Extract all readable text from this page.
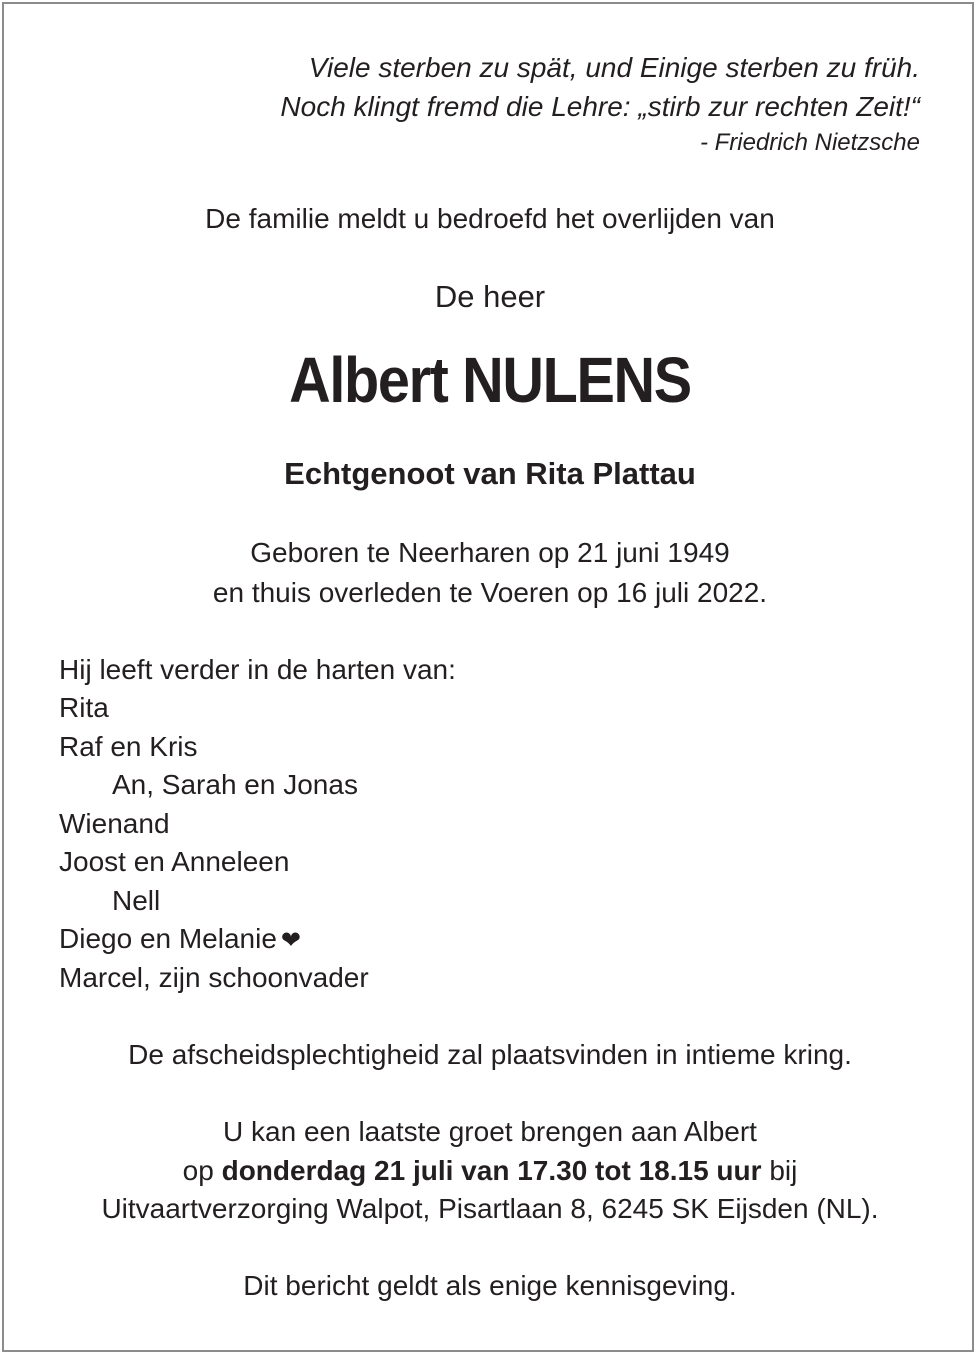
Viele sterben zu spät, und Einige sterben zu früh.
Noch klingt fremd die Lehre: „stirb zur rechten Zeit!“
- Friedrich Nietzsche
De familie meldt u bedroefd het overlijden van
De heer
Albert NULENS
Echtgenoot van Rita Plattau
Geboren te Neerharen op 21 juni 1949
en thuis overleden te Voeren op 16 juli 2022.
Hij leeft verder in de harten van:
Rita
Raf en Kris
An, Sarah en Jonas
Wienand
Joost en Anneleen
Nell
Diego en Melanie ❤
Marcel, zijn schoonvader
De afscheidsplechtigheid zal plaatsvinden in intieme kring.
U kan een laatste groet brengen aan Albert
op donderdag 21 juli van 17.30 tot 18.15 uur bij
Uitvaartverzorging Walpot, Pisartlaan 8, 6245 SK Eijsden (NL).
Dit bericht geldt als enige kennisgeving.
